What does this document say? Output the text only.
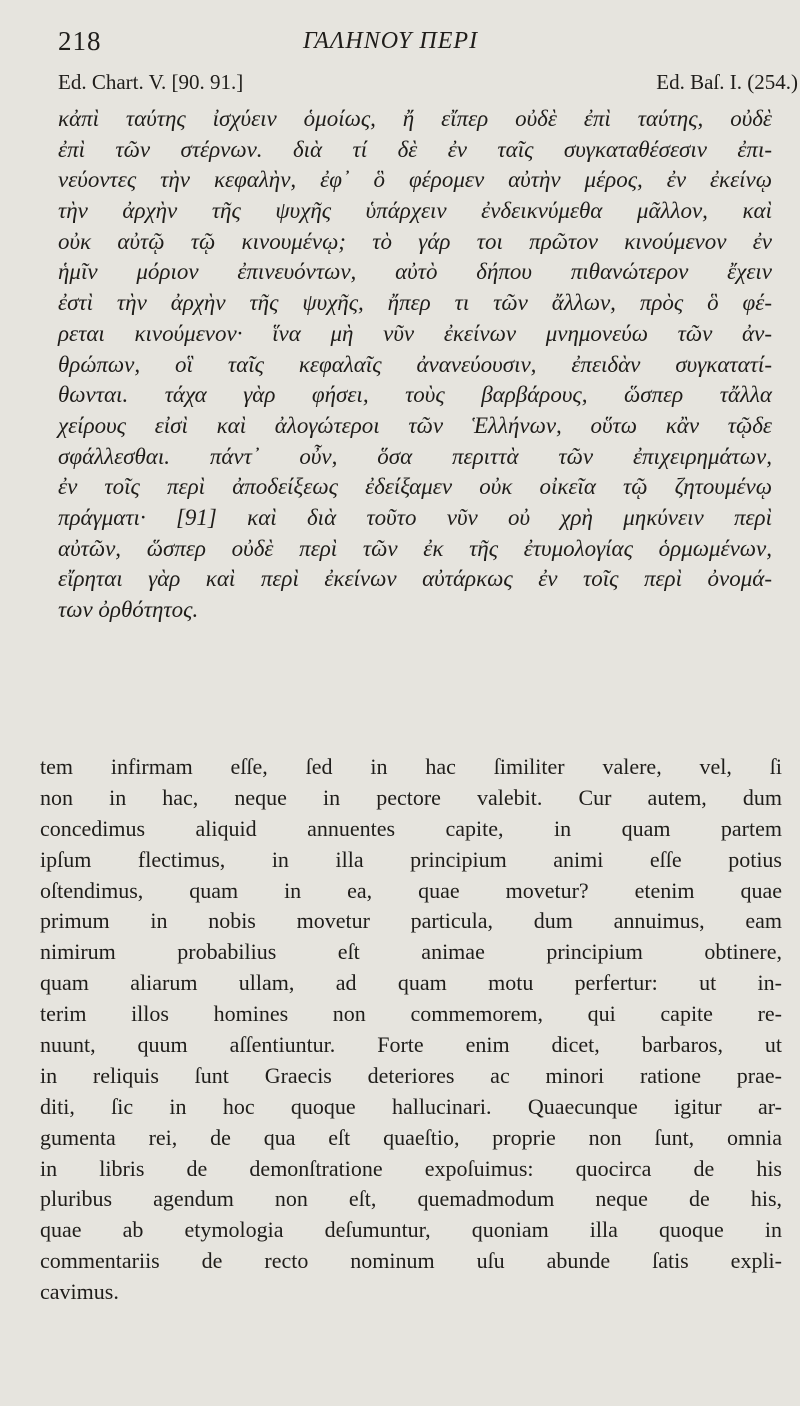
218	ΓΑΛΗΝΟΥ ΠΕΡΙ
Ed. Chart. V. [90. 91.]	Ed. Baſ. I. (254.)
κἀπὶ ταύτης ἰσχύειν ὁμοίως, ἤ εἴπερ οὐδὲ ἐπὶ ταύτης, οὐδὲ
ἐπὶ τῶν στέρνων. διὰ τί δὲ ἐν ταῖς συγκαταθέσεσιν ἐπι-
νεύοντες τὴν κεφαλὴν, ἐφ᾽ ὃ φέρομεν αὐτὴν μέρος, ἐν ἐκείνῳ
τὴν ἀρχὴν τῆς ψυχῆς ὑπάρχειν ἐνδεικνύμεθα μᾶλλον, καὶ
οὐκ αὐτῷ τῷ κινουμένῳ; τὸ γάρ τοι πρῶτον κινούμενον ἐν
ἡμῖν μόριον ἐπινευόντων, αὐτὸ δήπου πιθανώτερον ἔχειν
ἐστὶ τὴν ἀρχὴν τῆς ψυχῆς, ἤπερ τι τῶν ἄλλων, πρὸς ὃ φέ-
ρεται κινούμενον· ἵνα μὴ νῦν ἐκείνων μνημονεύω τῶν ἀν-
θρώπων, οἳ ταῖς κεφαλαῖς ἀνανεύουσιν, ἐπειδὰν συγκατατί-
θωνται. τάχα γὰρ φήσει, τοὺς βαρβάρους, ὥσπερ τἄλλα
χείρους εἰσὶ καὶ ἀλογώτεροι τῶν Ἑλλήνων, οὕτω κἂν τῷδε
σφάλλεσθαι. πάντ᾽ οὖν, ὅσα περιττὰ τῶν ἐπιχειρημάτων,
ἐν τοῖς περὶ ἀποδείξεως ἐδείξαμεν οὐκ οἰκεῖα τῷ ζητουμένῳ
πράγματι· [91] καὶ διὰ τοῦτο νῦν οὐ χρὴ μηκύνειν περὶ
αὐτῶν, ὥσπερ οὐδὲ περὶ τῶν ἐκ τῆς ἐτυμολογίας ὁρμωμένων,
εἴρηται γὰρ καὶ περὶ ἐκείνων αὐτάρκως ἐν τοῖς περὶ ὀνομά-
των ὀρθότητος.
tem infirmam eſſe, ſed in hac ſimiliter valere, vel, ſi
non in hac, neque in pectore valebit. Cur autem, dum
concedimus aliquid annuentes capite, in quam partem
ipſum flectimus, in illa principium animi eſſe potius
oſtendimus, quam in ea, quae movetur? etenim quae
primum in nobis movetur particula, dum annuimus, eam
nimirum probabilius eſt animae principium obtinere,
quam aliarum ullam, ad quam motu perfertur: ut in-
terim illos homines non commemorem, qui capite re-
nuunt, quum aſſentiuntur. Forte enim dicet, barbaros, ut
in reliquis ſunt Graecis deteriores ac minori ratione prae-
diti, ſic in hoc quoque hallucinari. Quaecunque igitur ar-
gumenta rei, de qua eſt quaeſtio, proprie non ſunt, omnia
in libris de demonſtratione expoſuimus: quocirca de his
pluribus agendum non eſt, quemadmodum neque de his,
quae ab etymologia deſumuntur, quoniam illa quoque in
commentariis de recto nominum uſu abunde ſatis expli-
cavimus.
